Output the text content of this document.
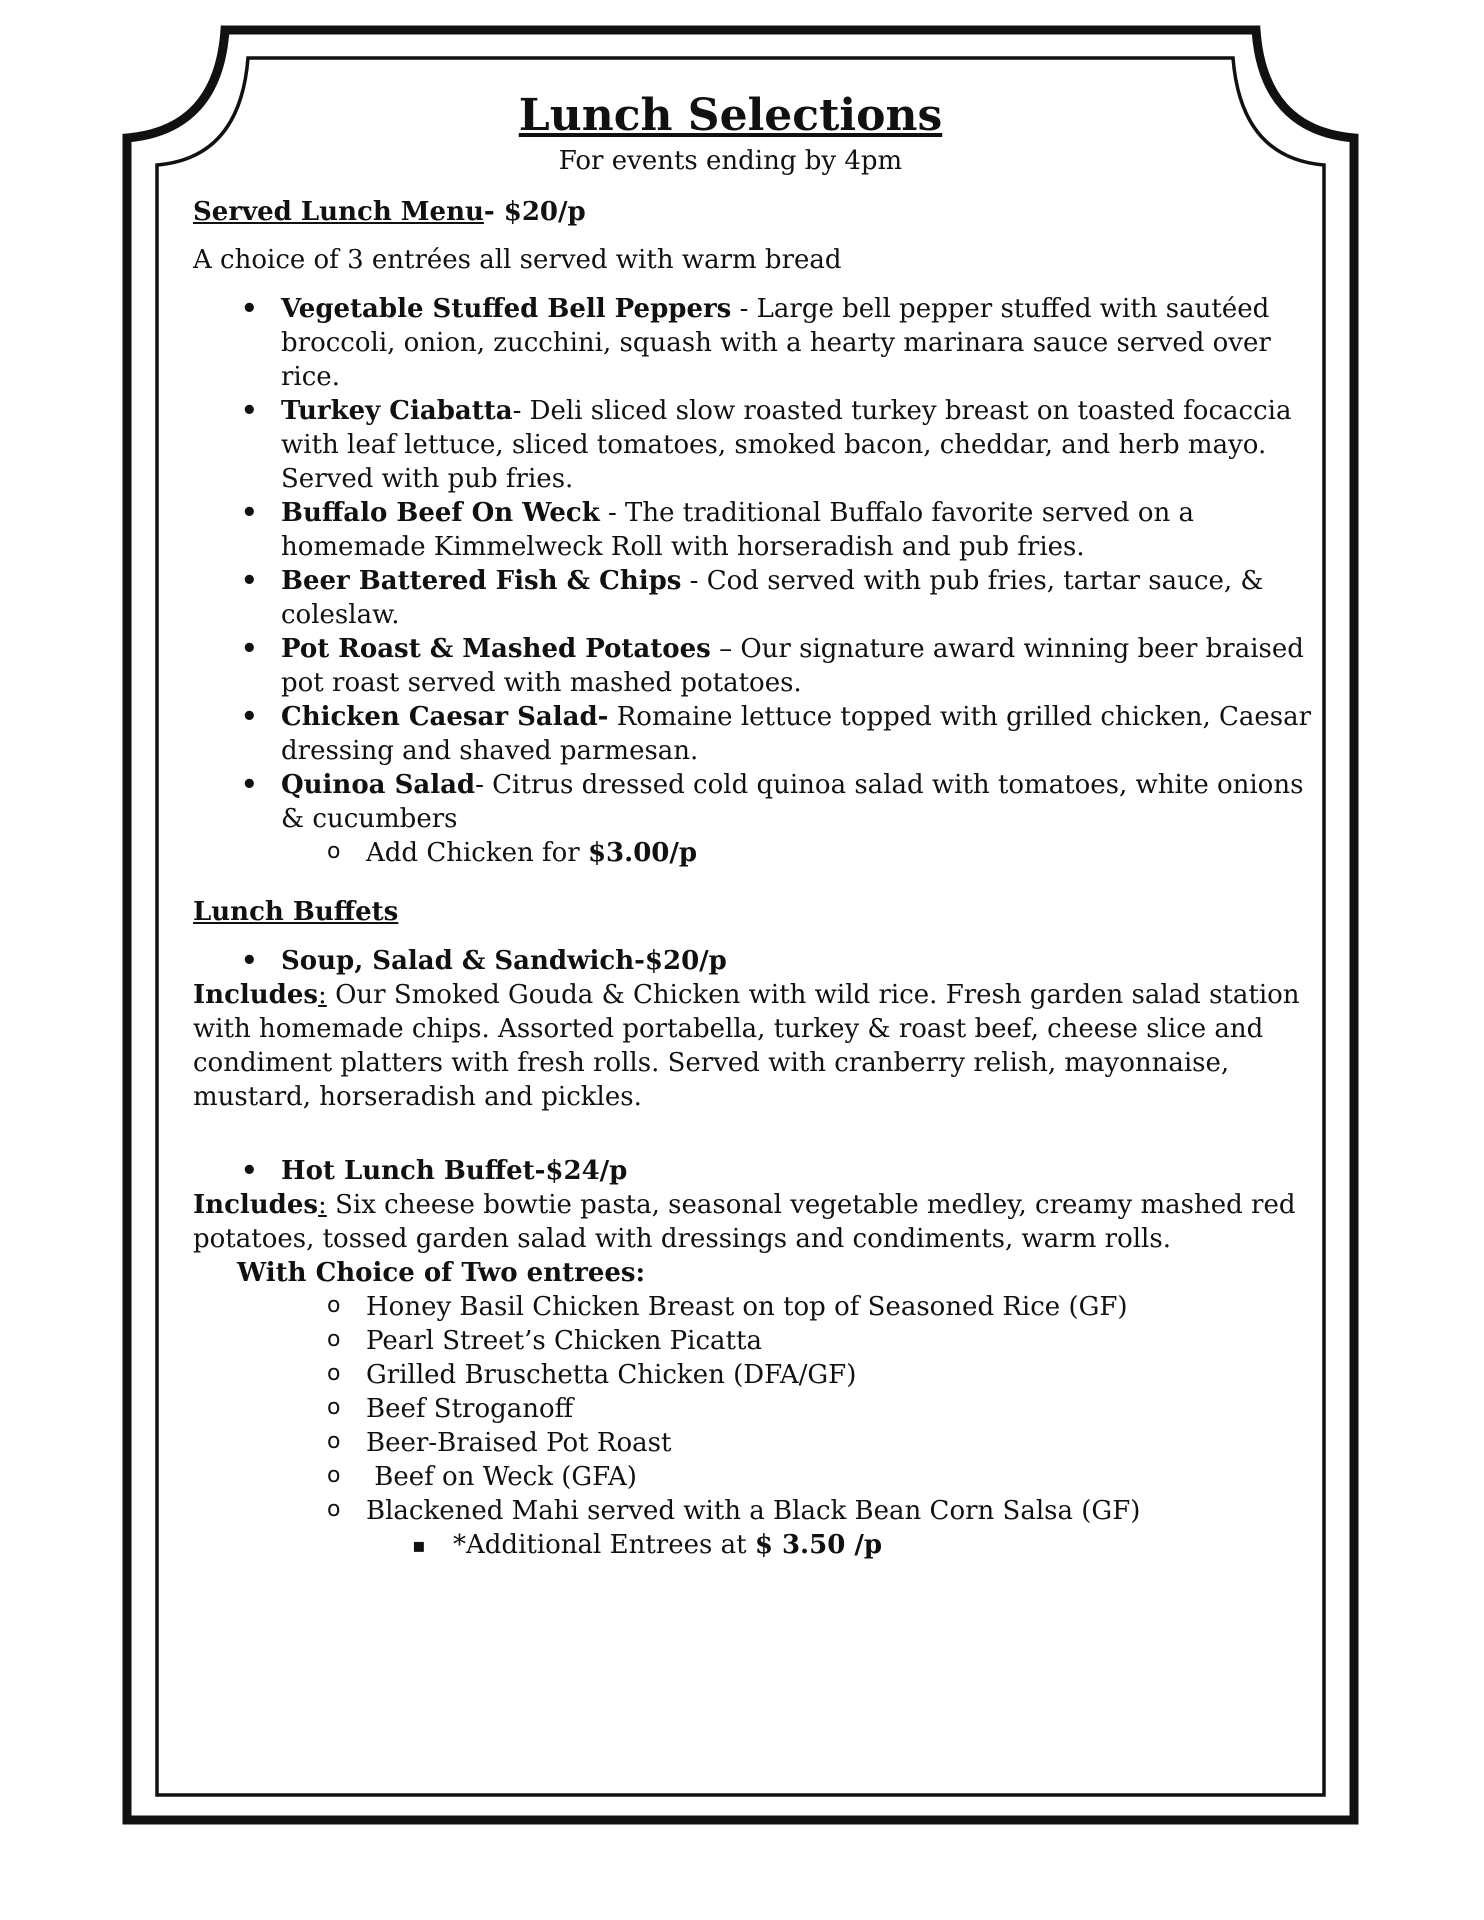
Lunch Selections
For events ending by 4pm
Served Lunch Menu- $20/p
A choice of 3 entrées all served with warm bread
• Vegetable Stuffed Bell Peppers - Large bell pepper stuffed with sautéed broccoli, onion, zucchini, squash with a hearty marinara sauce served over rice.
• Turkey Ciabatta- Deli sliced slow roasted turkey breast on toasted focaccia with leaf lettuce, sliced tomatoes, smoked bacon, cheddar, and herb mayo. Served with pub fries.
• Buffalo Beef On Weck - The traditional Buffalo favorite served on a homemade Kimmelweck Roll with horseradish and pub fries.
• Beer Battered Fish & Chips - Cod served with pub fries, tartar sauce, & coleslaw.
• Pot Roast & Mashed Potatoes – Our signature award winning beer braised pot roast served with mashed potatoes.
• Chicken Caesar Salad- Romaine lettuce topped with grilled chicken, Caesar dressing and shaved parmesan.
• Quinoa Salad- Citrus dressed cold quinoa salad with tomatoes, white onions & cucumbers
o Add Chicken for $3.00/p
Lunch Buffets
• Soup, Salad & Sandwich-$20/p
Includes: Our Smoked Gouda & Chicken with wild rice. Fresh garden salad station with homemade chips. Assorted portabella, turkey & roast beef, cheese slice and condiment platters with fresh rolls. Served with cranberry relish, mayonnaise, mustard, horseradish and pickles.
• Hot Lunch Buffet-$24/p
Includes: Six cheese bowtie pasta, seasonal vegetable medley, creamy mashed red potatoes, tossed garden salad with dressings and condiments, warm rolls.
With Choice of Two entrees:
o Honey Basil Chicken Breast on top of Seasoned Rice (GF)
o Pearl Street’s Chicken Picatta
o Grilled Bruschetta Chicken (DFA/GF)
o Beef Stroganoff
o Beer-Braised Pot Roast
o  Beef on Weck (GFA)
o Blackened Mahi served with a Black Bean Corn Salsa (GF)
▪ *Additional Entrees at $ 3.50 /p
